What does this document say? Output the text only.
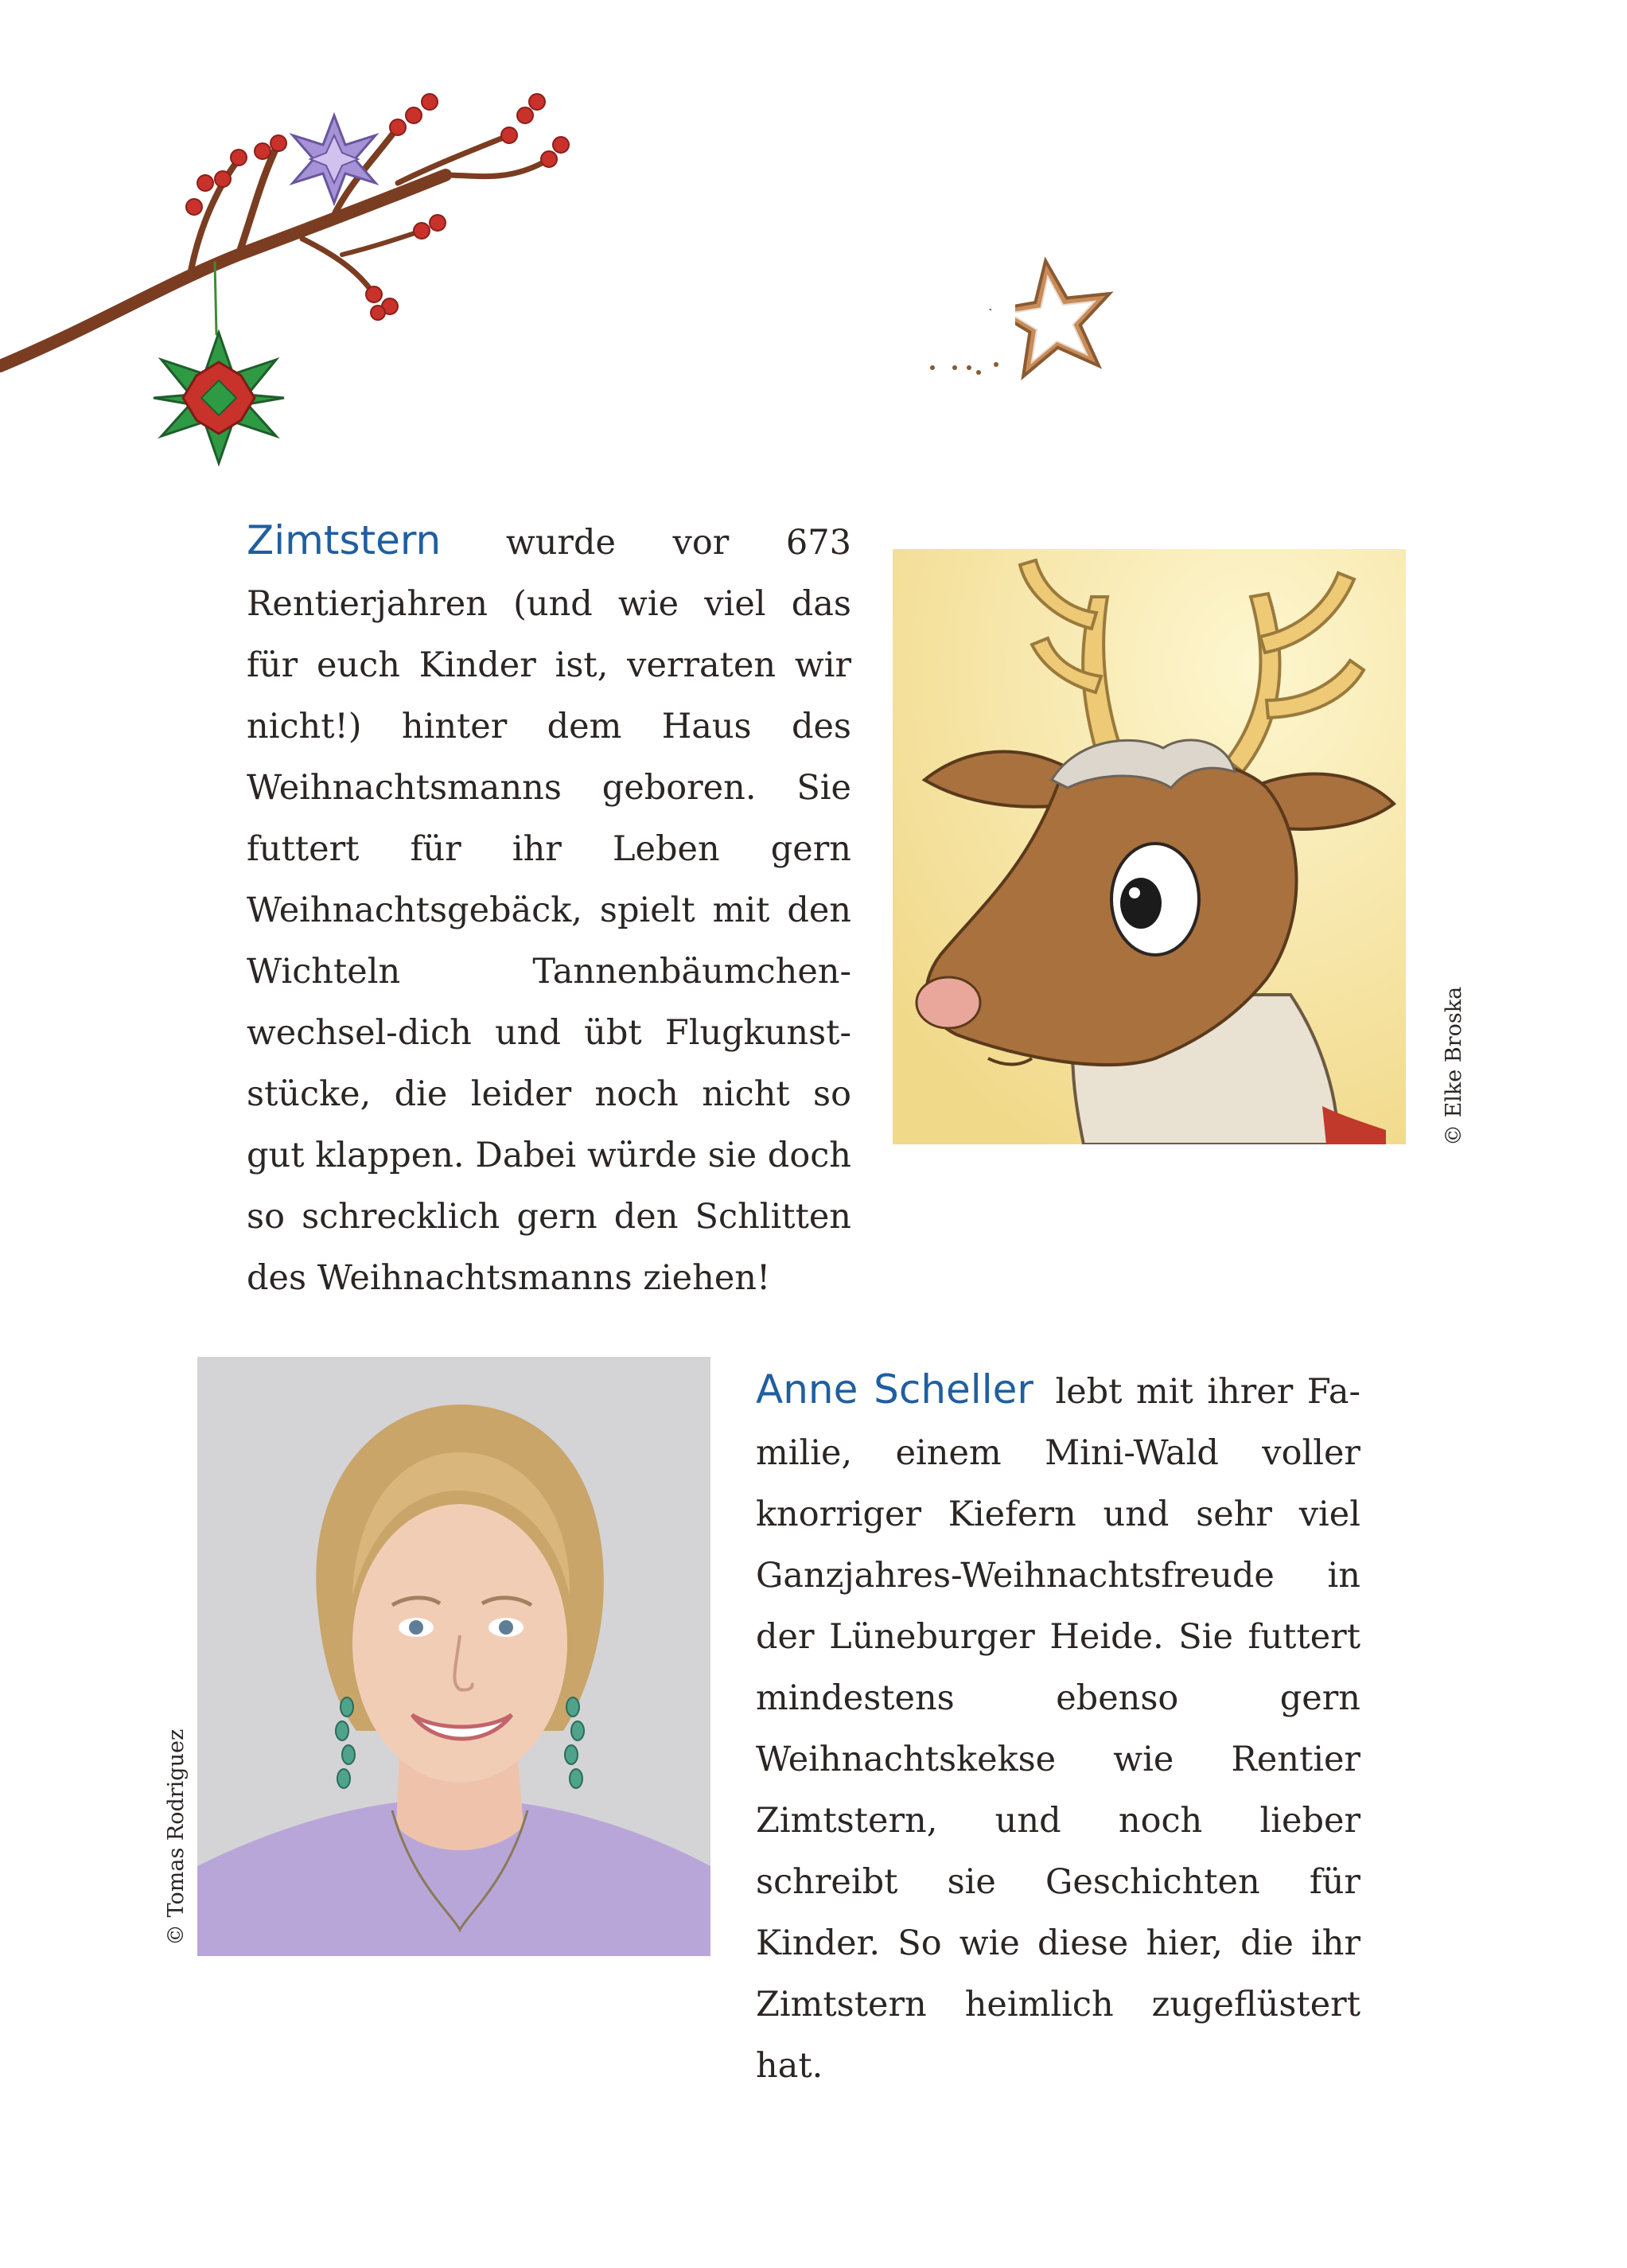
Zimtstern wurde vor 673 Rentierjahren (und wie viel das für euch Kinder ist, verraten wir nicht!) hinter dem Haus des Weihnachtsmanns geboren. Sie futtert für ihr Leben gern Weihnachtsgebäck, spielt mit den Wichteln Tannenbäumchenwechsel-dich und übt Flugkunststücke, die leider noch nicht so gut klappen. Dabei würde sie doch so schrecklich gern den Schlitten des Weihnachtsmanns ziehen!
© Elke Broska
© Tomas Rodriguez
Anne Scheller lebt mit ihrer Familie, einem Mini-Wald voller knorriger Kiefern und sehr viel Ganzjahres-Weihnachtsfreude in der Lüneburger Heide. Sie futtert mindestens ebenso gern Weihnachtskekse wie Rentier Zimtstern, und noch lieber schreibt sie Geschichten für Kinder. So wie diese hier, die ihr Zimtstern heimlich zugeflüstert hat.
